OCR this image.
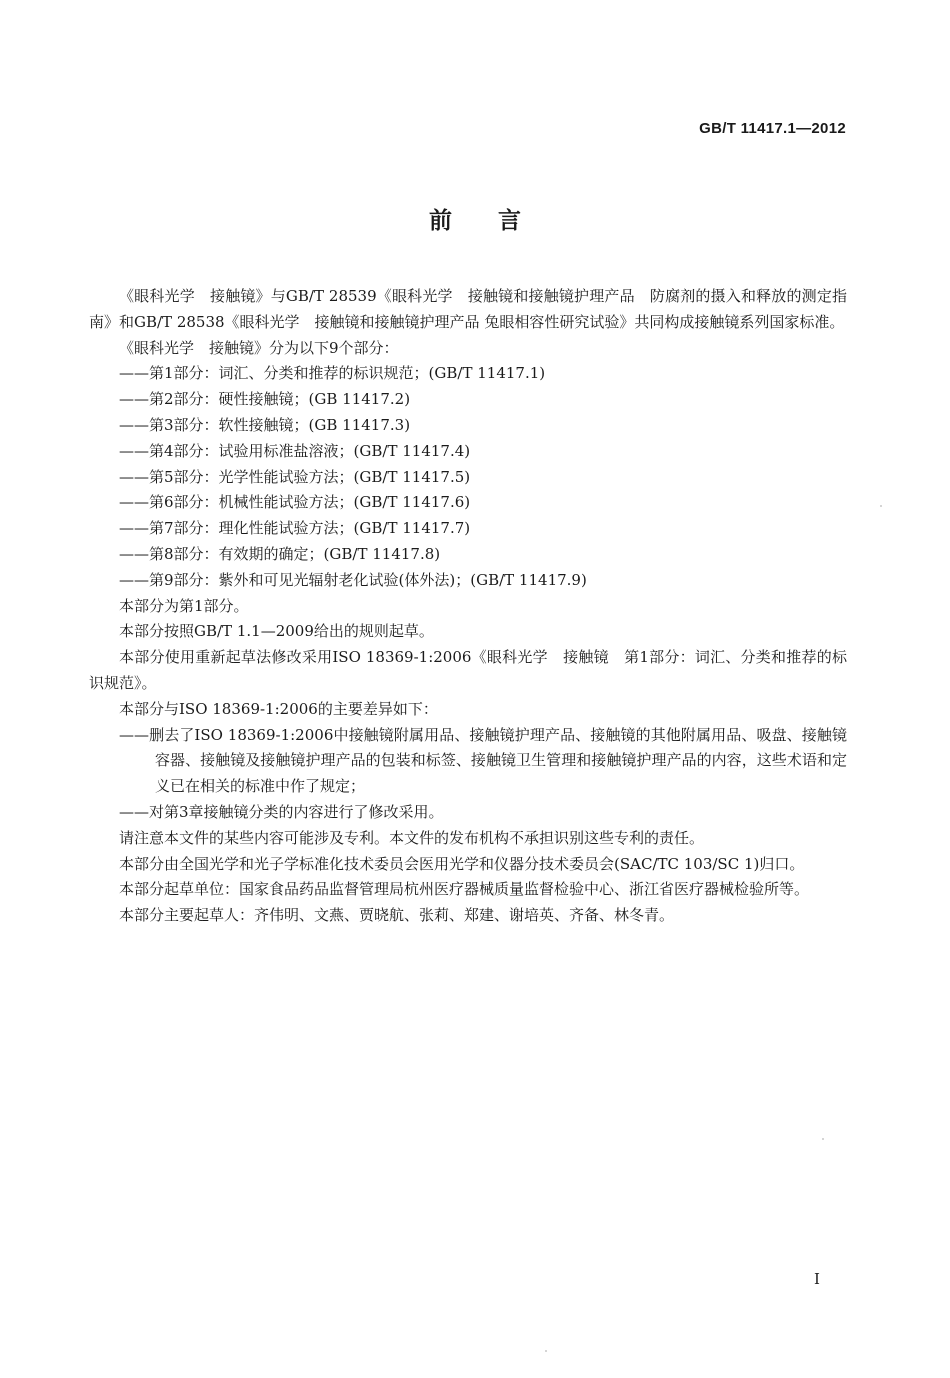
GB/T 11417.1—2012
前言

《眼科光学　接触镜》与GB/T 28539《眼科光学　接触镜和接触镜护理产品　防腐剂的摄入和释放的测定指南》和GB/T 28538《眼科光学　接触镜和接触镜护理产品 兔眼相容性研究试验》共同构成接触镜系列国家标准。

《眼科光学　接触镜》分为以下9个部分：

——第1部分：词汇、分类和推荐的标识规范；(GB/T 11417.1)

——第2部分：硬性接触镜；(GB 11417.2)

——第3部分：软性接触镜；(GB 11417.3)

——第4部分：试验用标准盐溶液；(GB/T 11417.4)

——第5部分：光学性能试验方法；(GB/T 11417.5)

——第6部分：机械性能试验方法；(GB/T 11417.6)

——第7部分：理化性能试验方法；(GB/T 11417.7)

——第8部分：有效期的确定；(GB/T 11417.8)

——第9部分：紫外和可见光辐射老化试验(体外法)；(GB/T 11417.9)

本部分为第1部分。

本部分按照GB/T 1.1—2009给出的规则起草。

本部分使用重新起草法修改采用ISO 18369-1:2006《眼科光学　接触镜　第1部分：词汇、分类和推荐的标识规范》。

本部分与ISO 18369-1:2006的主要差异如下：

——删去了ISO 18369-1:2006中接触镜附属用品、接触镜护理产品、接触镜的其他附属用品、吸盘、接触镜容器、接触镜及接触镜护理产品的包装和标签、接触镜卫生管理和接触镜护理产品的内容，这些术语和定义已在相关的标准中作了规定；

——对第3章接触镜分类的内容进行了修改采用。

请注意本文件的某些内容可能涉及专利。本文件的发布机构不承担识别这些专利的责任。

本部分由全国光学和光子学标准化技术委员会医用光学和仪器分技术委员会(SAC/TC 103/SC 1)归口。

本部分起草单位：国家食品药品监督管理局杭州医疗器械质量监督检验中心、浙江省医疗器械检验所等。

本部分主要起草人：齐伟明、文燕、贾晓航、张莉、郑建、谢培英、齐备、林冬青。

I
